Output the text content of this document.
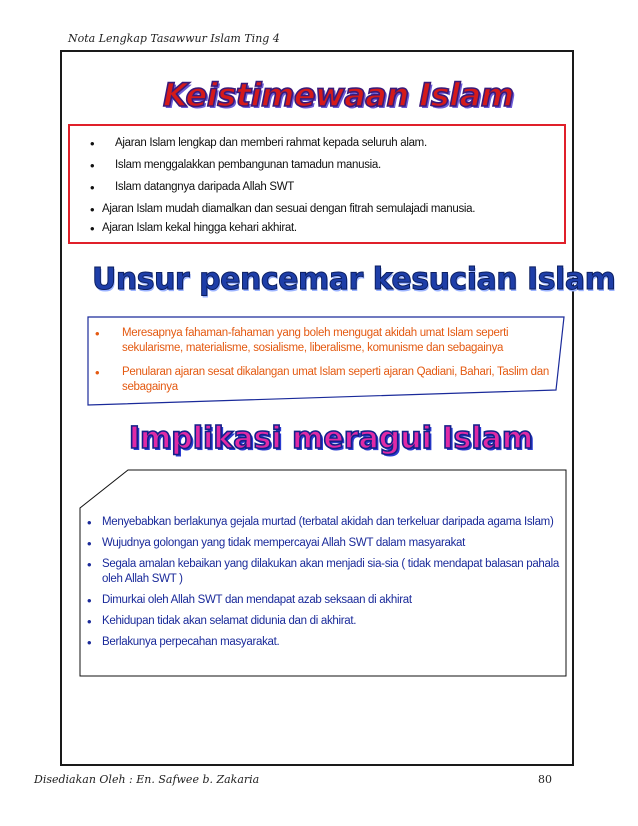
Nota Lengkap Tasawwur Islam Ting 4
Keistimewaan Islam
•	Ajaran Islam lengkap dan memberi rahmat kepada seluruh alam.
•	Islam menggalakkan pembangunan tamadun manusia.
•	Islam datangnya daripada Allah SWT
• Ajaran Islam mudah diamalkan dan sesuai dengan fitrah semulajadi manusia.
• Ajaran Islam kekal hingga kehari akhirat.
Unsur pencemar kesucian Islam
•	Meresapnya fahaman-fahaman yang boleh mengugat akidah umat Islam seperti sekularisme, materialisme, sosialisme, liberalisme, komunisme dan sebagainya
•	Penularan ajaran sesat dikalangan umat Islam seperti ajaran Qadiani, Bahari, Taslim dan sebagainya
Implikasi meragui Islam
• Menyebabkan berlakunya gejala murtad (terbatal akidah dan terkeluar daripada agama Islam)
• Wujudnya golongan yang tidak mempercayai Allah SWT dalam masyarakat
• Segala amalan kebaikan yang dilakukan akan menjadi sia-sia ( tidak mendapat balasan pahala oleh Allah SWT )
• Dimurkai oleh Allah SWT dan mendapat azab seksaan di akhirat
• Kehidupan tidak akan selamat didunia dan di akhirat.
• Berlakunya perpecahan masyarakat.
Disediakan Oleh : En. Safwee b. Zakaria	80
